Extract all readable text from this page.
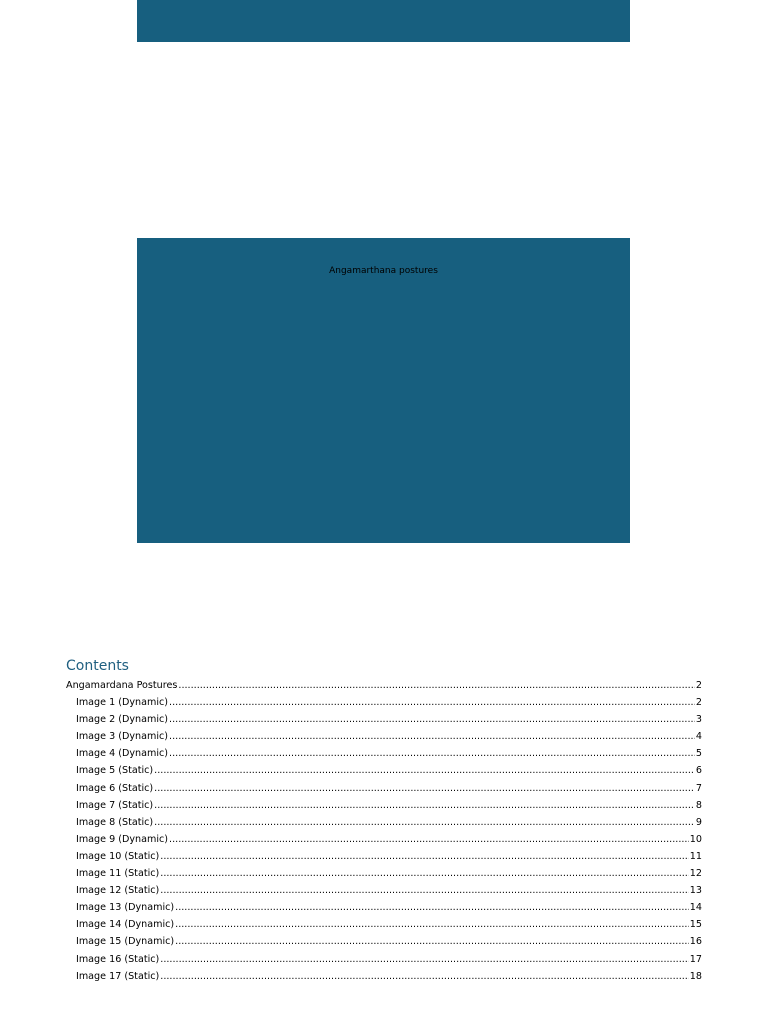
Angamarthana postures
Contents
Angamardana Postures .....	2
Image 1 (Dynamic) .....	2
Image 2 (Dynamic) .....	3
Image 3 (Dynamic) .....	4
Image 4 (Dynamic) .....	5
Image 5 (Static) .....	6
Image 6 (Static) .....	7
Image 7 (Static) .....	8
Image 8 (Static) .....	9
Image 9 (Dynamic) .....	10
Image 10 (Static) .....	11
Image 11 (Static) .....	12
Image 12 (Static) .....	13
Image 13 (Dynamic) .....	14
Image 14 (Dynamic) .....	15
Image 15 (Dynamic) .....	16
Image 16 (Static) .....	17
Image 17 (Static) .....	18
